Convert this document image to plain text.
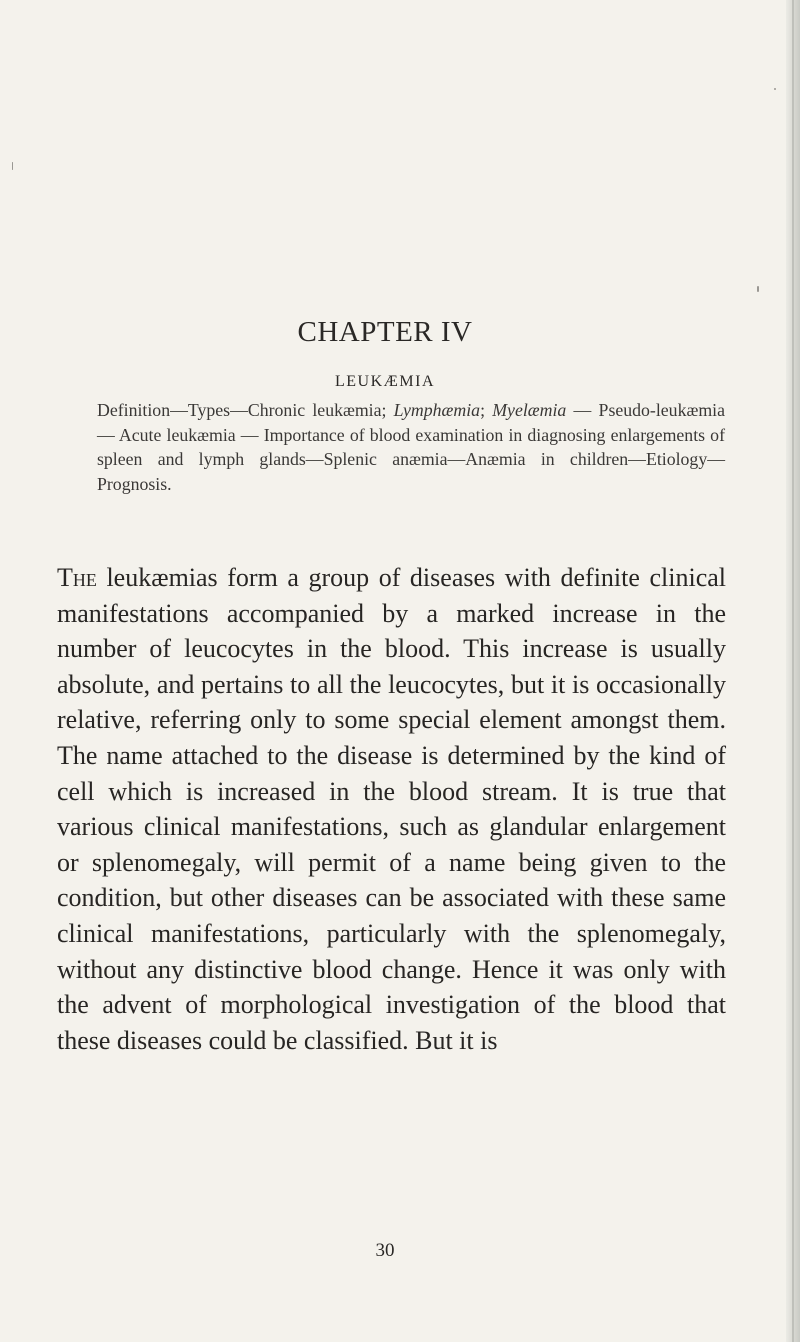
CHAPTER IV
LEUKÆMIA

Definition—Types—Chronic leukæmia; Lymphæmia; Myelæmia — Pseudo-leukæmia — Acute leukæmia — Importance of blood examination in diagnosing enlargements of spleen and lymph glands—Splenic anæmia—Anæmia in children—Etiology—Prognosis.

The leukæmias form a group of diseases with definite clinical manifestations accompanied by a marked increase in the number of leucocytes in the blood. This increase is usually absolute, and pertains to all the leucocytes, but it is occasionally relative, referring only to some special element amongst them. The name attached to the disease is determined by the kind of cell which is increased in the blood stream. It is true that various clinical manifestations, such as glandular enlargement or splenomegaly, will permit of a name being given to the condition, but other diseases can be associated with these same clinical manifestations, particularly with the splenomegaly, without any distinctive blood change. Hence it was only with the advent of morphological investigation of the blood that these diseases could be classified. But it is

30
